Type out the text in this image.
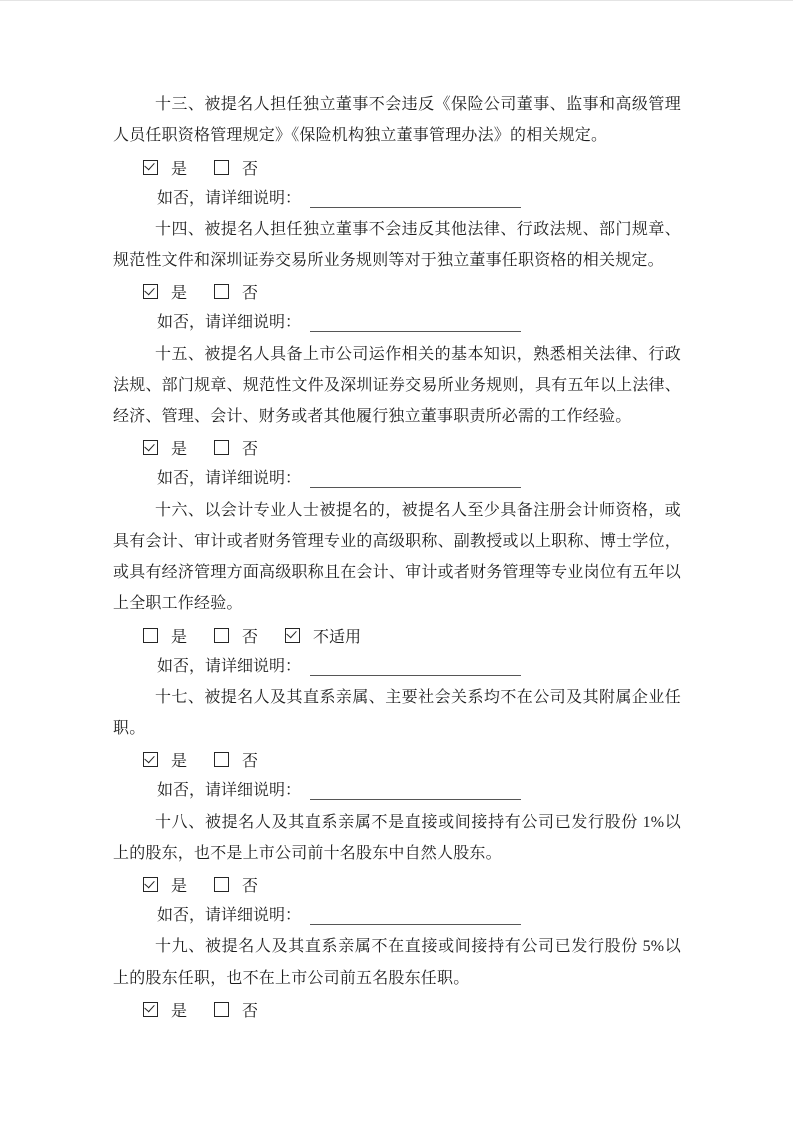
十三、被提名人担任独立董事不会违反《保险公司董事、监事和高级管理人员任职资格管理规定》《保险机构独立董事管理办法》的相关规定。

是	否

如否，请详细说明：

十四、被提名人担任独立董事不会违反其他法律、行政法规、部门规章、规范性文件和深圳证券交易所业务规则等对于独立董事任职资格的相关规定。

是	否

如否，请详细说明：

十五、被提名人具备上市公司运作相关的基本知识，熟悉相关法律、行政法规、部门规章、规范性文件及深圳证券交易所业务规则，具有五年以上法律、经济、管理、会计、财务或者其他履行独立董事职责所必需的工作经验。

是	否

如否，请详细说明：

十六、以会计专业人士被提名的，被提名人至少具备注册会计师资格，或具有会计、审计或者财务管理专业的高级职称、副教授或以上职称、博士学位，或具有经济管理方面高级职称且在会计、审计或者财务管理等专业岗位有五年以上全职工作经验。

是	否	不适用

如否，请详细说明：

十七、被提名人及其直系亲属、主要社会关系均不在公司及其附属企业任职。

是	否

如否，请详细说明：

十八、被提名人及其直系亲属不是直接或间接持有公司已发行股份 1%以上的股东，也不是上市公司前十名股东中自然人股东。

是	否

如否，请详细说明：

十九、被提名人及其直系亲属不在直接或间接持有公司已发行股份 5%以上的股东任职，也不在上市公司前五名股东任职。

是	否
